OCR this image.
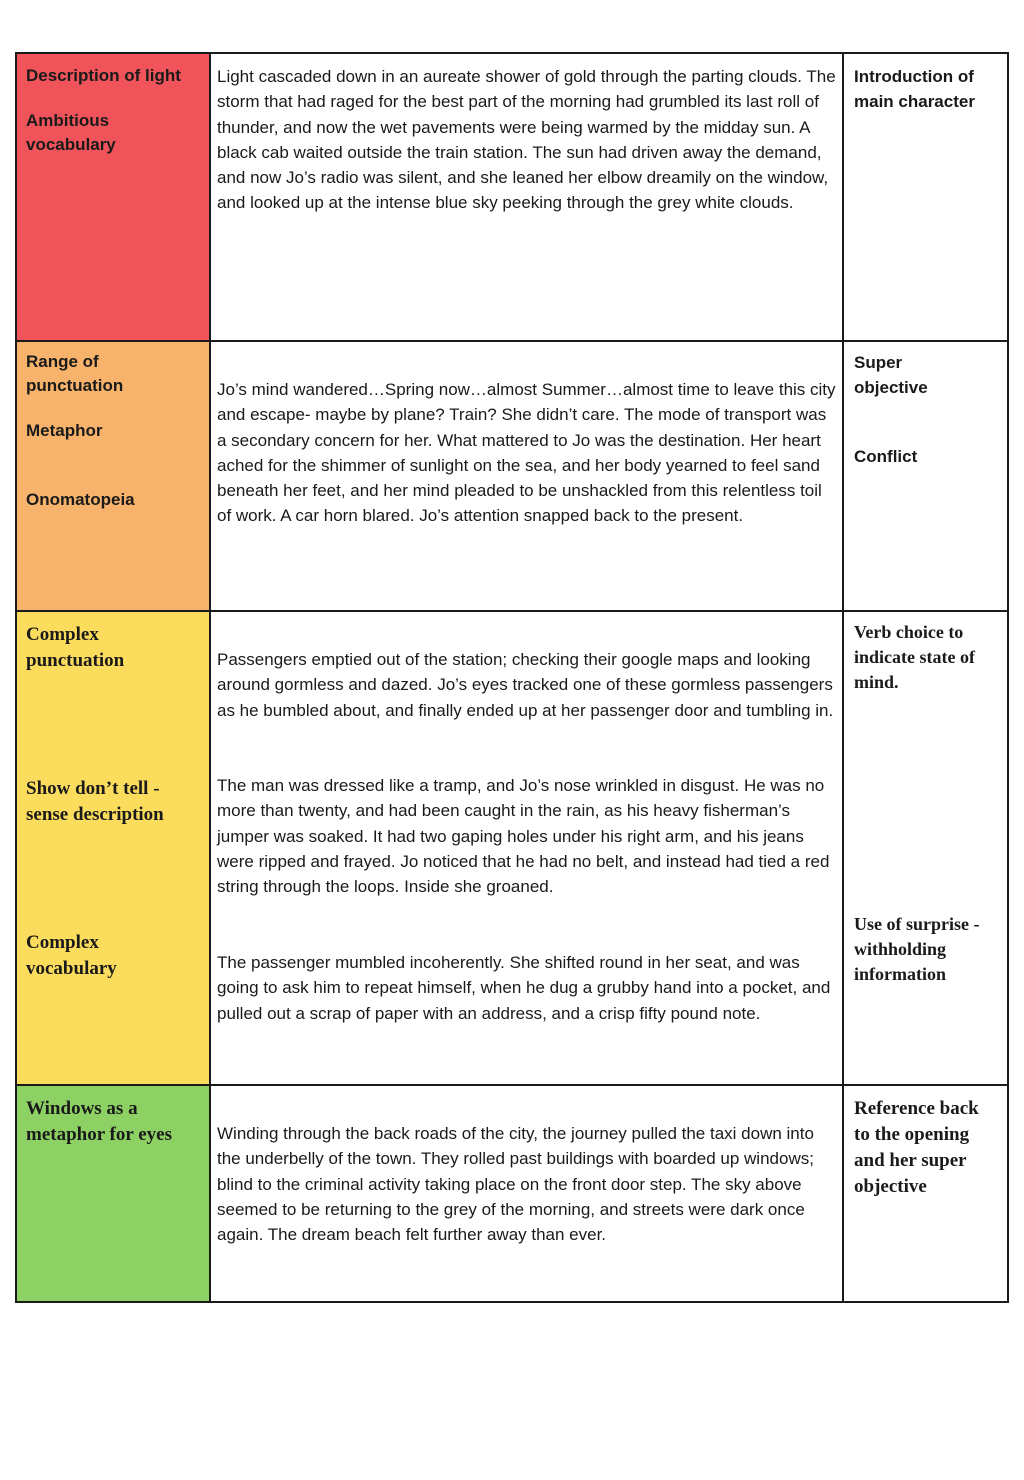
Description of light
Ambitious vocabulary

Light cascaded down in an aureate shower of gold through the parting clouds. The storm that had raged for the best part of the morning had grumbled its last roll of thunder, and now the wet pavements were being warmed by the midday sun. A black cab waited outside the train station. The sun had driven away the demand, and now Jo’s radio was silent, and she leaned her elbow dreamily on the window, and looked up at the intense blue sky peeking through the grey white clouds.

Introduction of main character
Range of punctuation
Metaphor
Onomatopeia

Jo’s mind wandered…Spring now…almost Summer…almost time to leave this city and escape- maybe by plane? Train? She didn’t care. The mode of transport was a secondary concern for her. What mattered to Jo was the destination. Her heart ached for the shimmer of sunlight on the sea, and her body yearned to feel sand beneath her feet, and her mind pleaded to be unshackled from this relentless toil of work. A car horn blared. Jo’s attention snapped back to the present.

Super objective
Conflict
Complex punctuation
Show don’t tell - sense description
Complex vocabulary

Passengers emptied out of the station; checking their google maps and looking around gormless and dazed. Jo’s eyes tracked one of these gormless passengers as he bumbled about, and finally ended up at her passenger door and tumbling in.

The man was dressed like a tramp, and Jo’s nose wrinkled in disgust. He was no more than twenty, and had been caught in the rain, as his heavy fisherman’s jumper was soaked. It had two gaping holes under his right arm, and his jeans were ripped and frayed. Jo noticed that he had no belt, and instead had tied a red string through the loops. Inside she groaned.

The passenger mumbled incoherently. She shifted round in her seat, and was going to ask him to repeat himself, when he dug a grubby hand into a pocket, and pulled out a scrap of paper with an address, and a crisp fifty pound note.

Verb choice to indicate state of mind.
Use of surprise - withholding information
Windows as a metaphor for eyes	Winding through the back roads of the city, the journey pulled the taxi down into the underbelly of the town. They rolled past buildings with boarded up windows; blind to the criminal activity taking place on the front door step. The sky above seemed to be returning to the grey of the morning, and streets were dark once again. The dream beach felt further away than ever.

Reference back to the opening and her super objective
